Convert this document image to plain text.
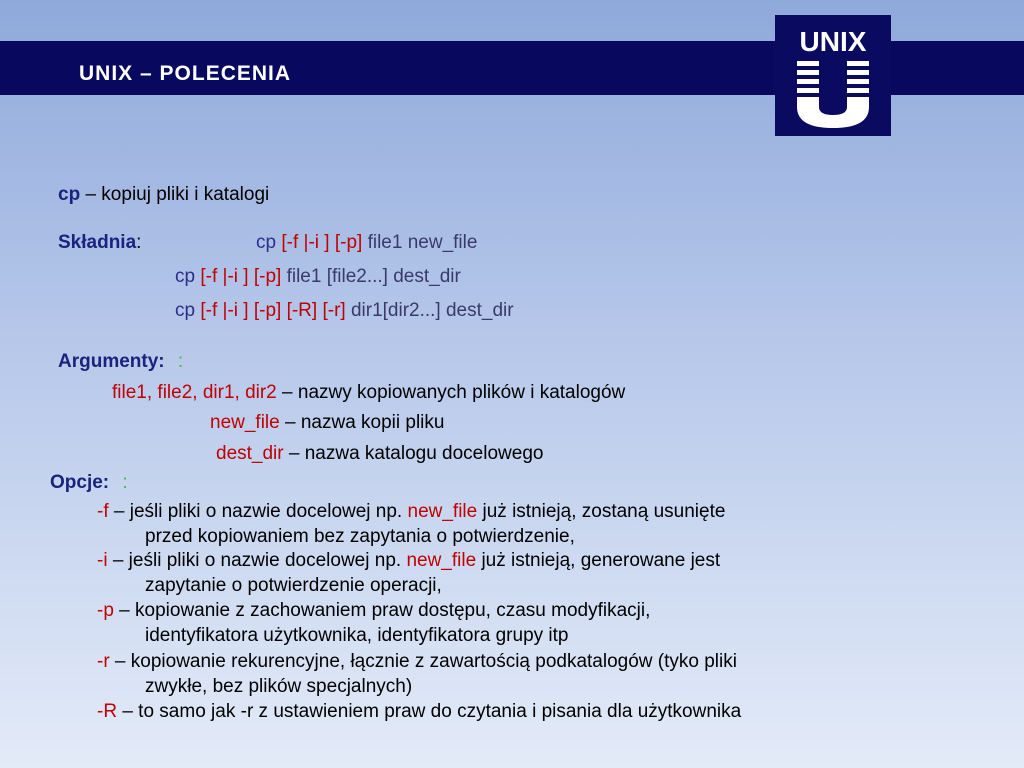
UNIX – POLECENIA
UNIX
U
cp – kopiuj pliki i katalogi
Składnia:	cp [-f |-i ] [-p] file1 new_file
cp [-f |-i ] [-p] file1 [file2...] dest_dir
cp [-f |-i ] [-p] [-R] [-r] dir1[dir2...] dest_dir
Argumenty: :
file1, file2, dir1, dir2 – nazwy kopiowanych plików i katalogów
new_file – nazwa kopii pliku
dest_dir – nazwa katalogu docelowego
Opcje: :
-f – jeśli pliki o nazwie docelowej np. new_file już istnieją, zostaną usunięte
przed kopiowaniem bez zapytania o potwierdzenie,
-i – jeśli pliki o nazwie docelowej np. new_file już istnieją, generowane jest
zapytanie o potwierdzenie operacji,
-p – kopiowanie z zachowaniem praw dostępu, czasu modyfikacji,
identyfikatora użytkownika, identyfikatora grupy itp
-r – kopiowanie rekurencyjne, łącznie z zawartością podkatalogów (tyko pliki
zwykłe, bez plików specjalnych)
-R – to samo jak -r z ustawieniem praw do czytania i pisania dla użytkownika
